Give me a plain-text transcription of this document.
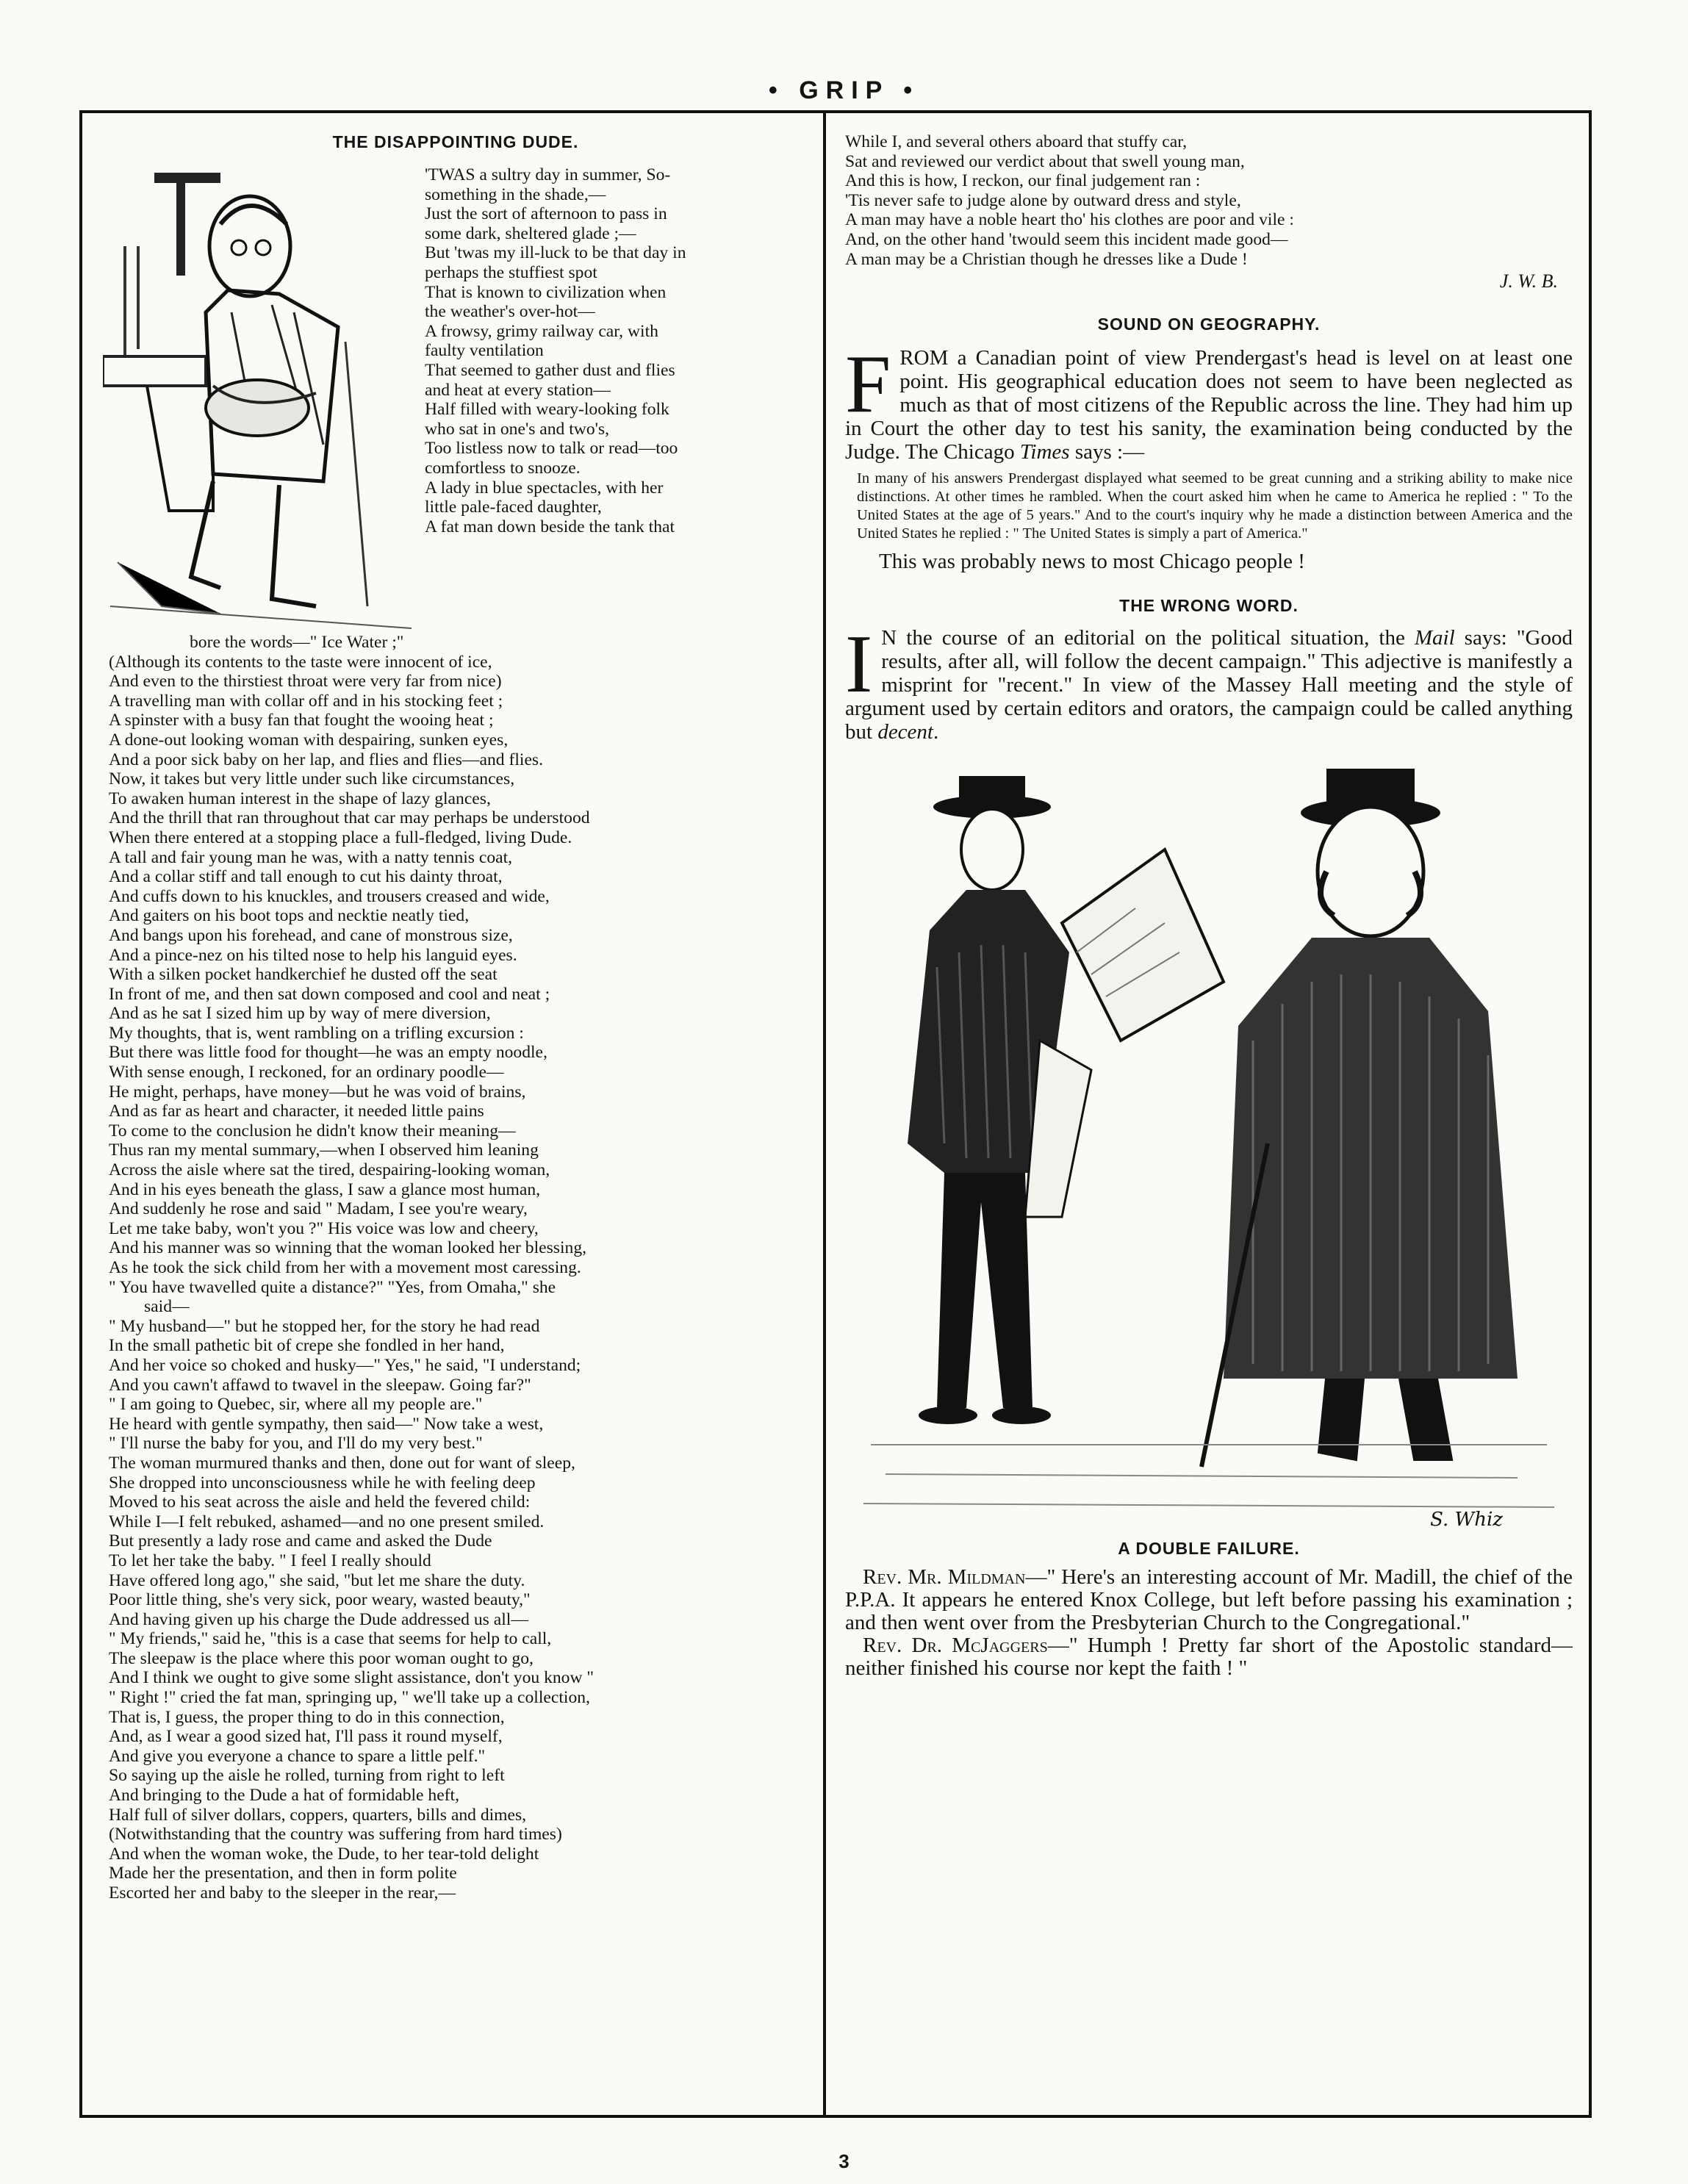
• GRIP •
THE DISAPPOINTING DUDE.
'TWAS a sultry day in summer, So-
something in the shade,—
Just the sort of afternoon to pass in
some dark, sheltered glade ;—
But 'twas my ill-luck to be that day in
perhaps the stuffiest spot
That is known to civilization when
the weather's over-hot—
A frowsy, grimy railway car, with
faulty ventilation
That seemed to gather dust and flies
and heat at every station—
Half filled with weary-looking folk
who sat in one's and two's,
Too listless now to talk or read—too
comfortless to snooze.
A lady in blue spectacles, with her
little pale-faced daughter,
A fat man down beside the tank that
bore the words—" Ice Water ;"
(Although its contents to the taste were innocent of ice,
And even to the thirstiest throat were very far from nice)
A travelling man with collar off and in his stocking feet ;
A spinster with a busy fan that fought the wooing heat ;
A done-out looking woman with despairing, sunken eyes,
And a poor sick baby on her lap, and flies and flies—and flies.
Now, it takes but very little under such like circumstances,
To awaken human interest in the shape of lazy glances,
And the thrill that ran throughout that car may perhaps be understood
When there entered at a stopping place a full-fledged, living Dude.
A tall and fair young man he was, with a natty tennis coat,
And a collar stiff and tall enough to cut his dainty throat,
And cuffs down to his knuckles, and trousers creased and wide,
And gaiters on his boot tops and necktie neatly tied,
And bangs upon his forehead, and cane of monstrous size,
And a pince-nez on his tilted nose to help his languid eyes.
With a silken pocket handkerchief he dusted off the seat
In front of me, and then sat down composed and cool and neat ;
And as he sat I sized him up by way of mere diversion,
My thoughts, that is, went rambling on a trifling excursion :
But there was little food for thought—he was an empty noodle,
With sense enough, I reckoned, for an ordinary poodle—
He might, perhaps, have money—but he was void of brains,
And as far as heart and character, it needed little pains
To come to the conclusion he didn't know their meaning—
Thus ran my mental summary,—when I observed him leaning
Across the aisle where sat the tired, despairing-looking woman,
And in his eyes beneath the glass, I saw a glance most human,
And suddenly he rose and said " Madam, I see you're weary,
Let me take baby, won't you ?" His voice was low and cheery,
And his manner was so winning that the woman looked her blessing,
As he took the sick child from her with a movement most caressing.
" You have twavelled quite a distance?" "Yes, from Omaha," she
said—
" My husband—" but he stopped her, for the story he had read
In the small pathetic bit of crepe she fondled in her hand,
And her voice so choked and husky—" Yes," he said, "I understand;
And you cawn't affawd to twavel in the sleepaw. Going far?"
" I am going to Quebec, sir, where all my people are."
He heard with gentle sympathy, then said—" Now take a west,
" I'll nurse the baby for you, and I'll do my very best."
The woman murmured thanks and then, done out for want of sleep,
She dropped into unconsciousness while he with feeling deep
Moved to his seat across the aisle and held the fevered child:
While I—I felt rebuked, ashamed—and no one present smiled.
But presently a lady rose and came and asked the Dude
To let her take the baby. " I feel I really should
Have offered long ago," she said, "but let me share the duty.
Poor little thing, she's very sick, poor weary, wasted beauty,"
And having given up his charge the Dude addressed us all—
" My friends," said he, "this is a case that seems for help to call,
The sleepaw is the place where this poor woman ought to go,
And I think we ought to give some slight assistance, don't you know "
" Right !" cried the fat man, springing up, " we'll take up a collection,
That is, I guess, the proper thing to do in this connection,
And, as I wear a good sized hat, I'll pass it round myself,
And give you everyone a chance to spare a little pelf."
So saying up the aisle he rolled, turning from right to left
And bringing to the Dude a hat of formidable heft,
Half full of silver dollars, coppers, quarters, bills and dimes,
(Notwithstanding that the country was suffering from hard times)
And when the woman woke, the Dude, to her tear-told delight
Made her the presentation, and then in form polite
Escorted her and baby to the sleeper in the rear,—
While I, and several others aboard that stuffy car,
Sat and reviewed our verdict about that swell young man,
And this is how, I reckon, our final judgement ran :
'Tis never safe to judge alone by outward dress and style,
A man may have a noble heart tho' his clothes are poor and vile :
And, on the other hand 'twould seem this incident made good—
A man may be a Christian though he dresses like a Dude !
J. W. B.
SOUND ON GEOGRAPHY.

FROM a Canadian point of view Prendergast's head is level on at least one point. His geographical education does not seem to have been neglected as much as that of most citizens of the Republic across the line. They had him up in Court the other day to test his sanity, the examination being conducted by the Judge. The Chicago Times says :—

In many of his answers Prendergast displayed what seemed to be great cunning and a striking ability to make nice distinctions. At other times he rambled. When the court asked him when he came to America he replied : " To the United States at the age of 5 years." And to the court's inquiry why he made a distinction between America and the United States he replied : " The United States is simply a part of America."

This was probably news to most Chicago people !
THE WRONG WORD.

I N the course of an editorial on the political situation, the Mail says: "Good results, after all, will follow the decent campaign." This adjective is manifestly a misprint for "recent." In view of the Massey Hall meeting and the style of argument used by certain editors and orators, the campaign could be called anything but decent.

S. Whiz
A DOUBLE FAILURE.

Rev. Mr. Mildman—" Here's an interesting account of Mr. Madill, the chief of the P.P.A. It appears he entered Knox College, but left before passing his examination ; and then went over from the Presbyterian Church to the Congregational."

Rev. Dr. McJaggers—" Humph ! Pretty far short of the Apostolic standard—neither finished his course nor kept the faith ! "

3
